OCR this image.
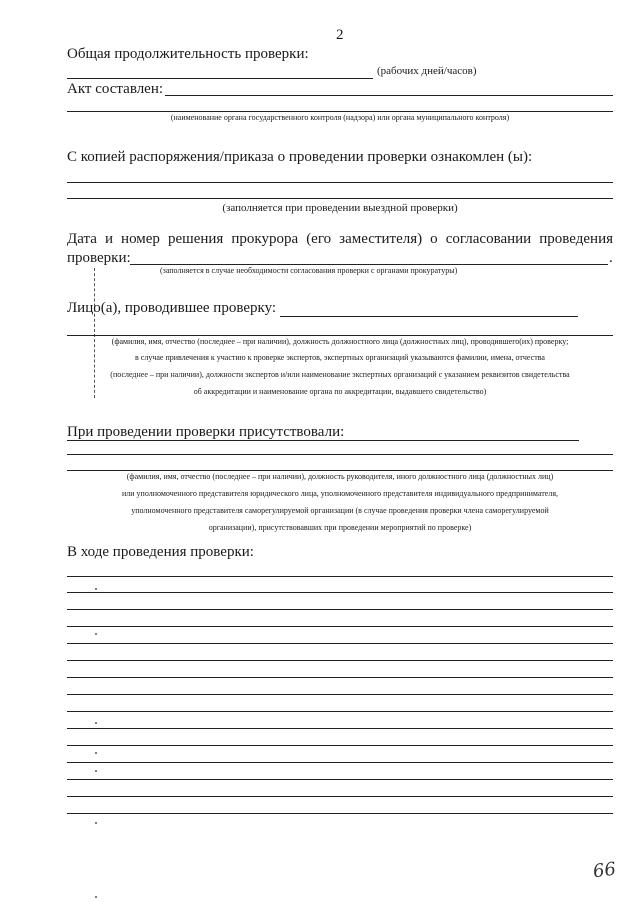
2
Общая продолжительность проверки:
(рабочих дней/часов)
Акт составлен:
(наименование органа государственного контроля (надзора) или органа муниципального контроля)
С копией распоряжения/приказа о проведении проверки ознакомлен (ы):
(заполняется при проведении выездной проверки)
Дата и номер решения прокурора (его заместителя) о согласовании проведения
проверки:	.
(заполняется в случае необходимости согласования проверки с органами прокуратуры)
Лицо(а), проводившее проверку:
(фамилия, имя, отчество (последнее – при наличии), должность должностного лица (должностных лиц), проводившего(их) проверку;
в случае привлечения к участию к проверке экспертов, экспертных организаций указываются фамилии, имена, отчества
(последнее – при наличии), должности экспертов и/или наименование экспертных организаций с указанием реквизитов свидетельства
об аккредитации и наименование органа по аккредитации, выдавшего свидетельство)
При проведении проверки присутствовали:
(фамилия, имя, отчество (последнее – при наличии), должность руководителя, иного должностного лица (должностных лиц)
или уполномоченного представителя юридического лица, уполномоченного представителя индивидуального предпринимателя,
уполномоченного представителя саморегулируемой организации (в случае проведения проверки члена саморегулируемой
организации), присутствовавших при проведении мероприятий по проверке)
В ходе проведения проверки:
66
